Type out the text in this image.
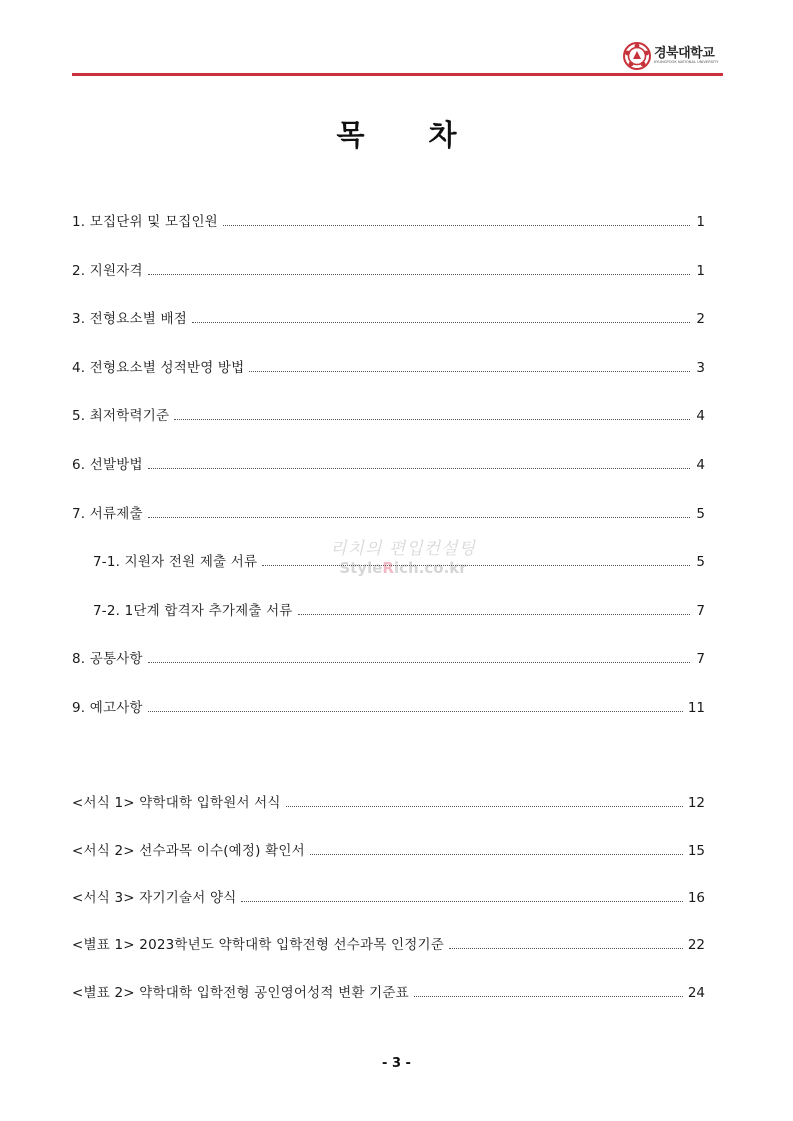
경북대학교
KYUNGPOOK NATIONAL UNIVERSITY
목 차
리치의 편입컨설팅
StyleRich.co.kr
1. 모집단위 및 모집인원	1
2. 지원자격	1
3. 전형요소별 배점	2
4. 전형요소별 성적반영 방법	3
5. 최저학력기준	4
6. 선발방법	4
7. 서류제출	5
7-1. 지원자 전원 제출 서류	5
7-2. 1단계 합격자 추가제출 서류	7
8. 공통사항	7
9. 예고사항	11
<서식 1> 약학대학 입학원서 서식	12
<서식 2> 선수과목 이수(예정) 확인서	15
<서식 3> 자기기술서 양식	16
<별표 1> 2023학년도 약학대학 입학전형 선수과목 인정기준	22
<별표 2> 약학대학 입학전형 공인영어성적 변환 기준표	24
- 3 -
